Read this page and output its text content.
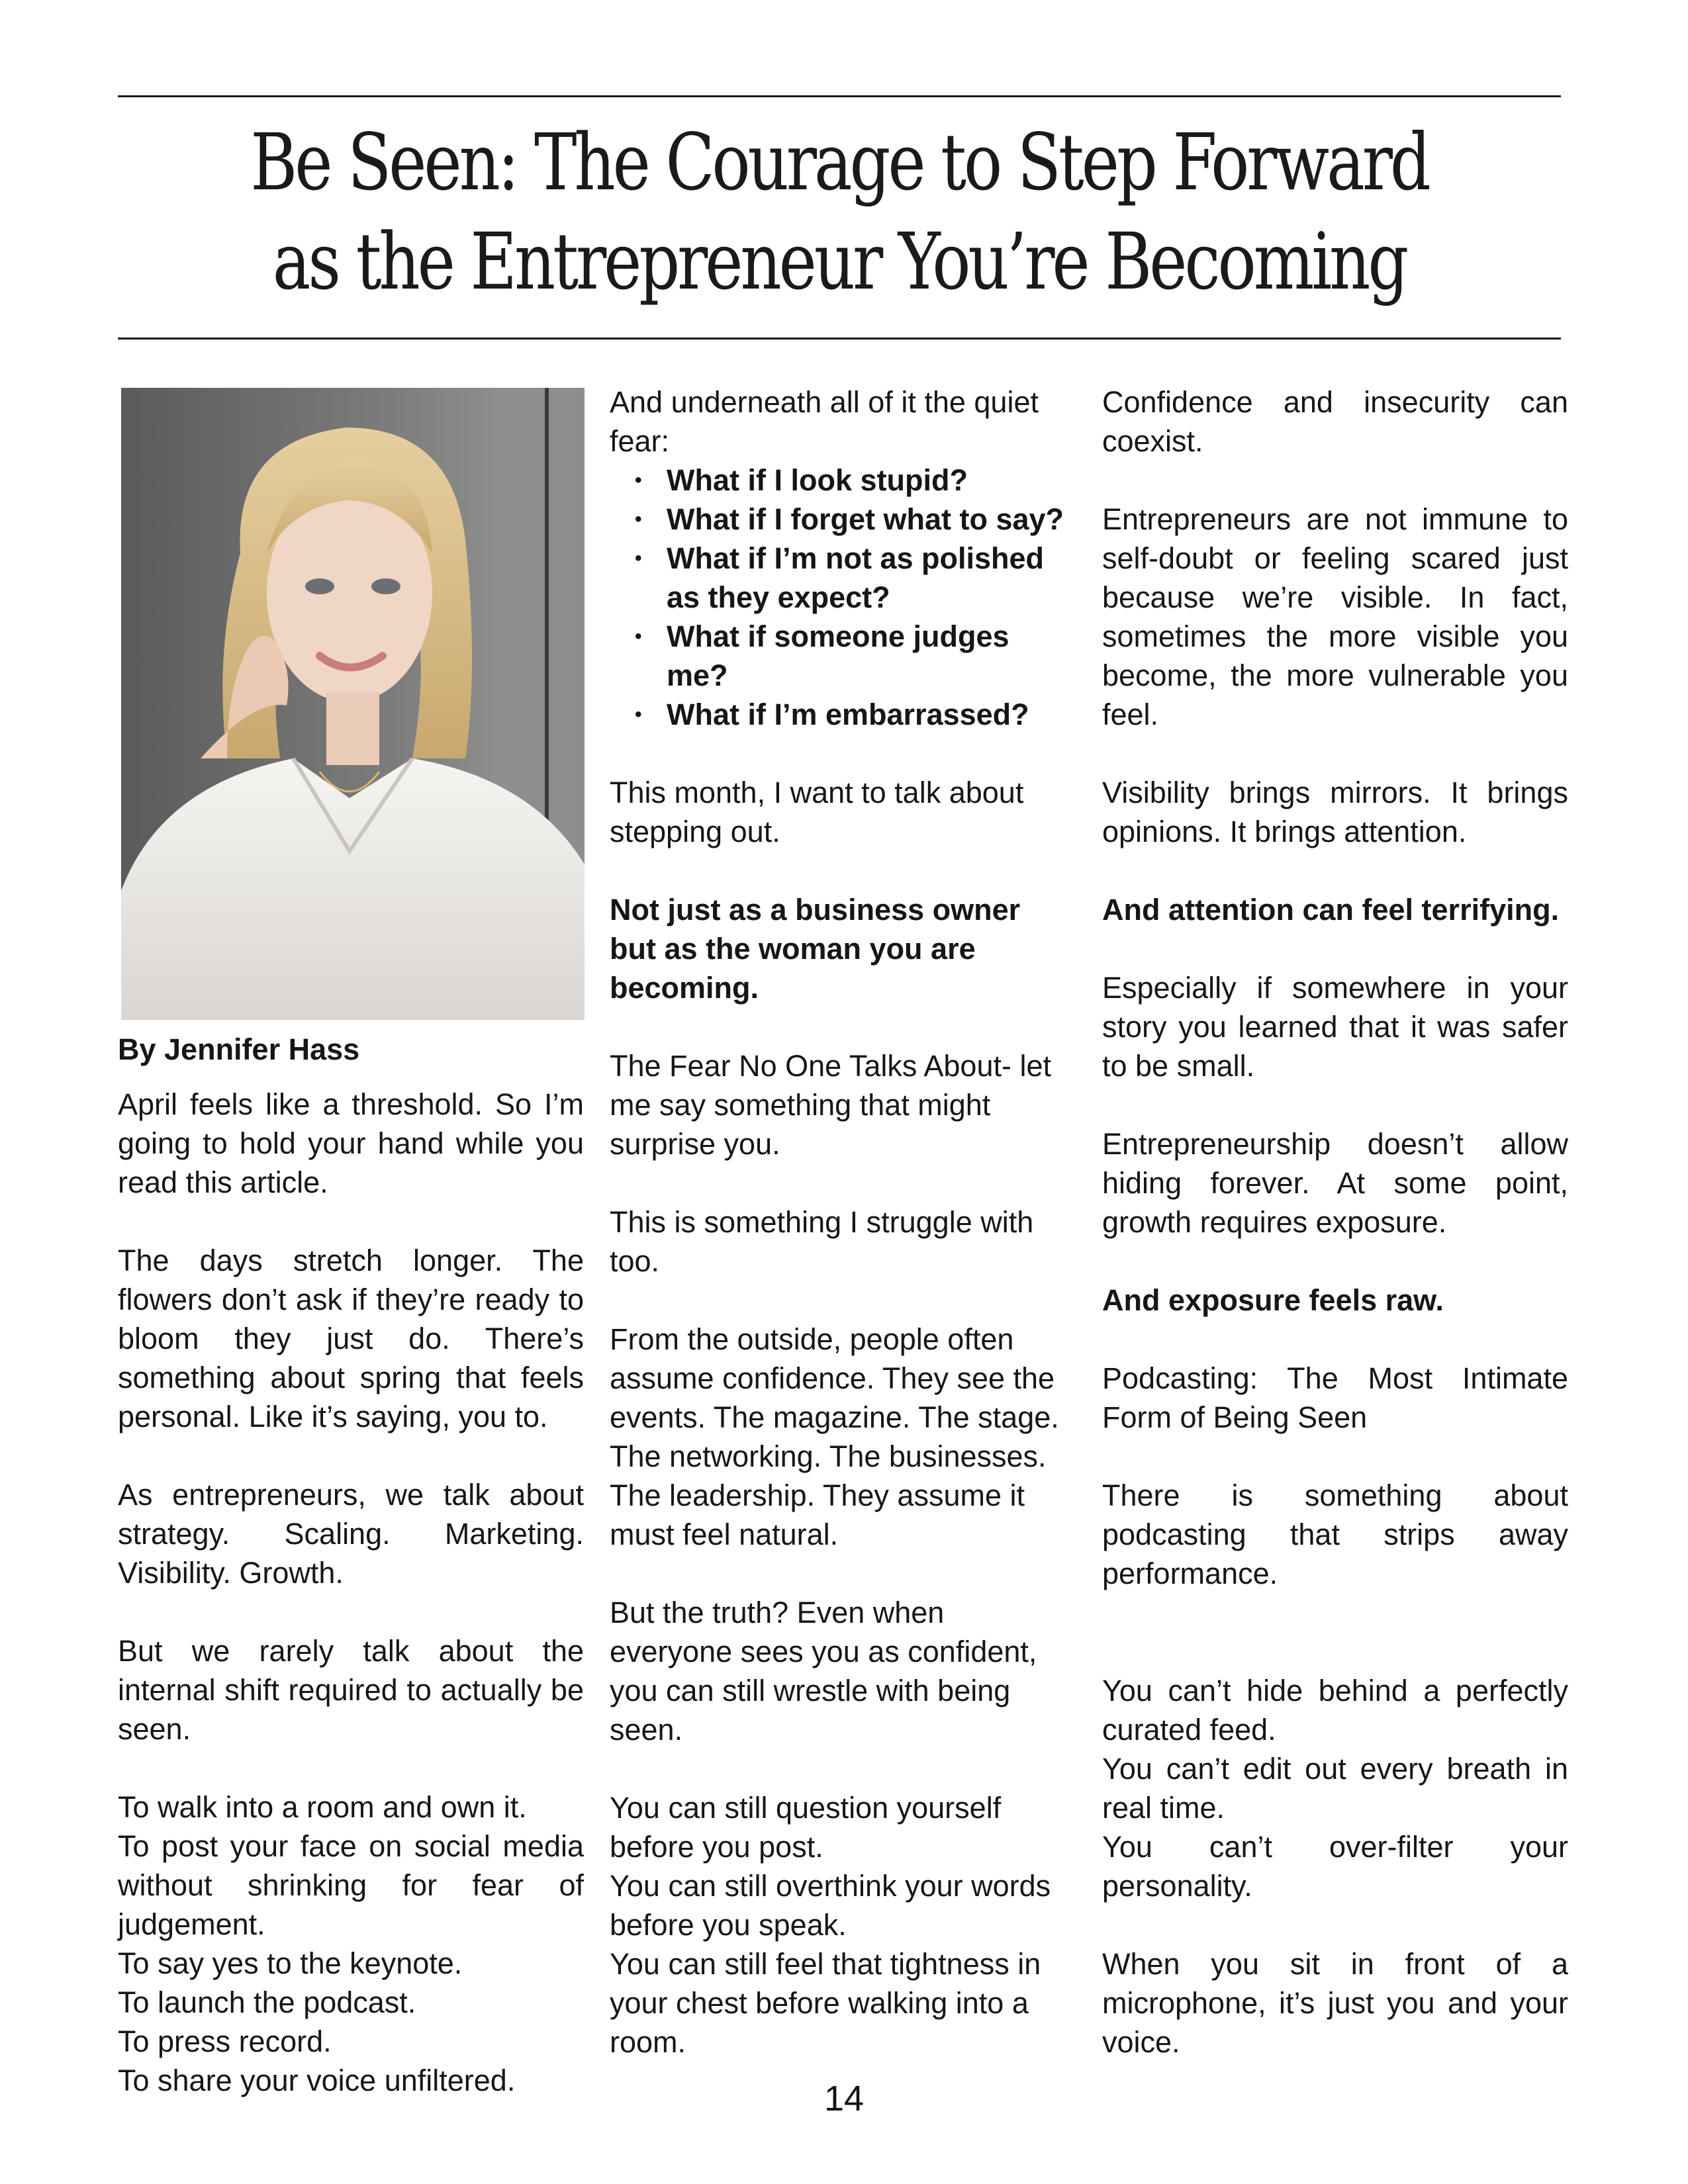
Be Seen: The Courage to Step Forward
as the Entrepreneur You’re Becoming

By Jennifer Hass

April feels like a threshold. So I’m going to hold your hand while you read this article.

The days stretch longer. The flowers don’t ask if they’re ready to bloom they just do. There’s something about spring that feels personal. Like it’s saying, you to.

As entrepreneurs, we talk about strategy. Scaling. Marketing. Visibility. Growth.

But we rarely talk about the internal shift required to actually be seen.

To walk into a room and own it.

To post your face on social media without shrinking for fear of judgement.

To say yes to the keynote.

To launch the podcast.

To press record.

To share your voice unfiltered.

And underneath all of it the quiet fear:

• What if I look stupid?
• What if I forget what to say?
• What if I’m not as polished as they expect?
• What if someone judges me?
• What if I’m embarrassed?

This month, I want to talk about stepping out.

Not just as a business owner but as the woman you are becoming.

The Fear No One Talks About- let me say something that might surprise you.

This is something I struggle with too.

From the outside, people often assume confidence. They see the events. The magazine. The stage. The networking. The businesses. The leadership. They assume it must feel natural.

But the truth? Even when everyone sees you as confident, you can still wrestle with being seen.

You can still question yourself before you post.

You can still overthink your words before you speak.

You can still feel that tightness in your chest before walking into a room.

Confidence and insecurity can coexist.

Entrepreneurs are not immune to self-doubt or feeling scared just because we’re visible. In fact, sometimes the more visible you become, the more vulnerable you feel.

Visibility brings mirrors. It brings opinions. It brings attention.

And attention can feel terrifying.

Especially if somewhere in your story you learned that it was safer to be small.

Entrepreneurship doesn’t allow hiding forever. At some point, growth requires exposure.

And exposure feels raw.

Podcasting: The Most Intimate Form of Being Seen

There is something about podcasting that strips away performance.

You can’t hide behind a perfectly curated feed.

You can’t edit out every breath in real time.

You can’t over-filter your personality.

When you sit in front of a microphone, it’s just you and your voice.

14
